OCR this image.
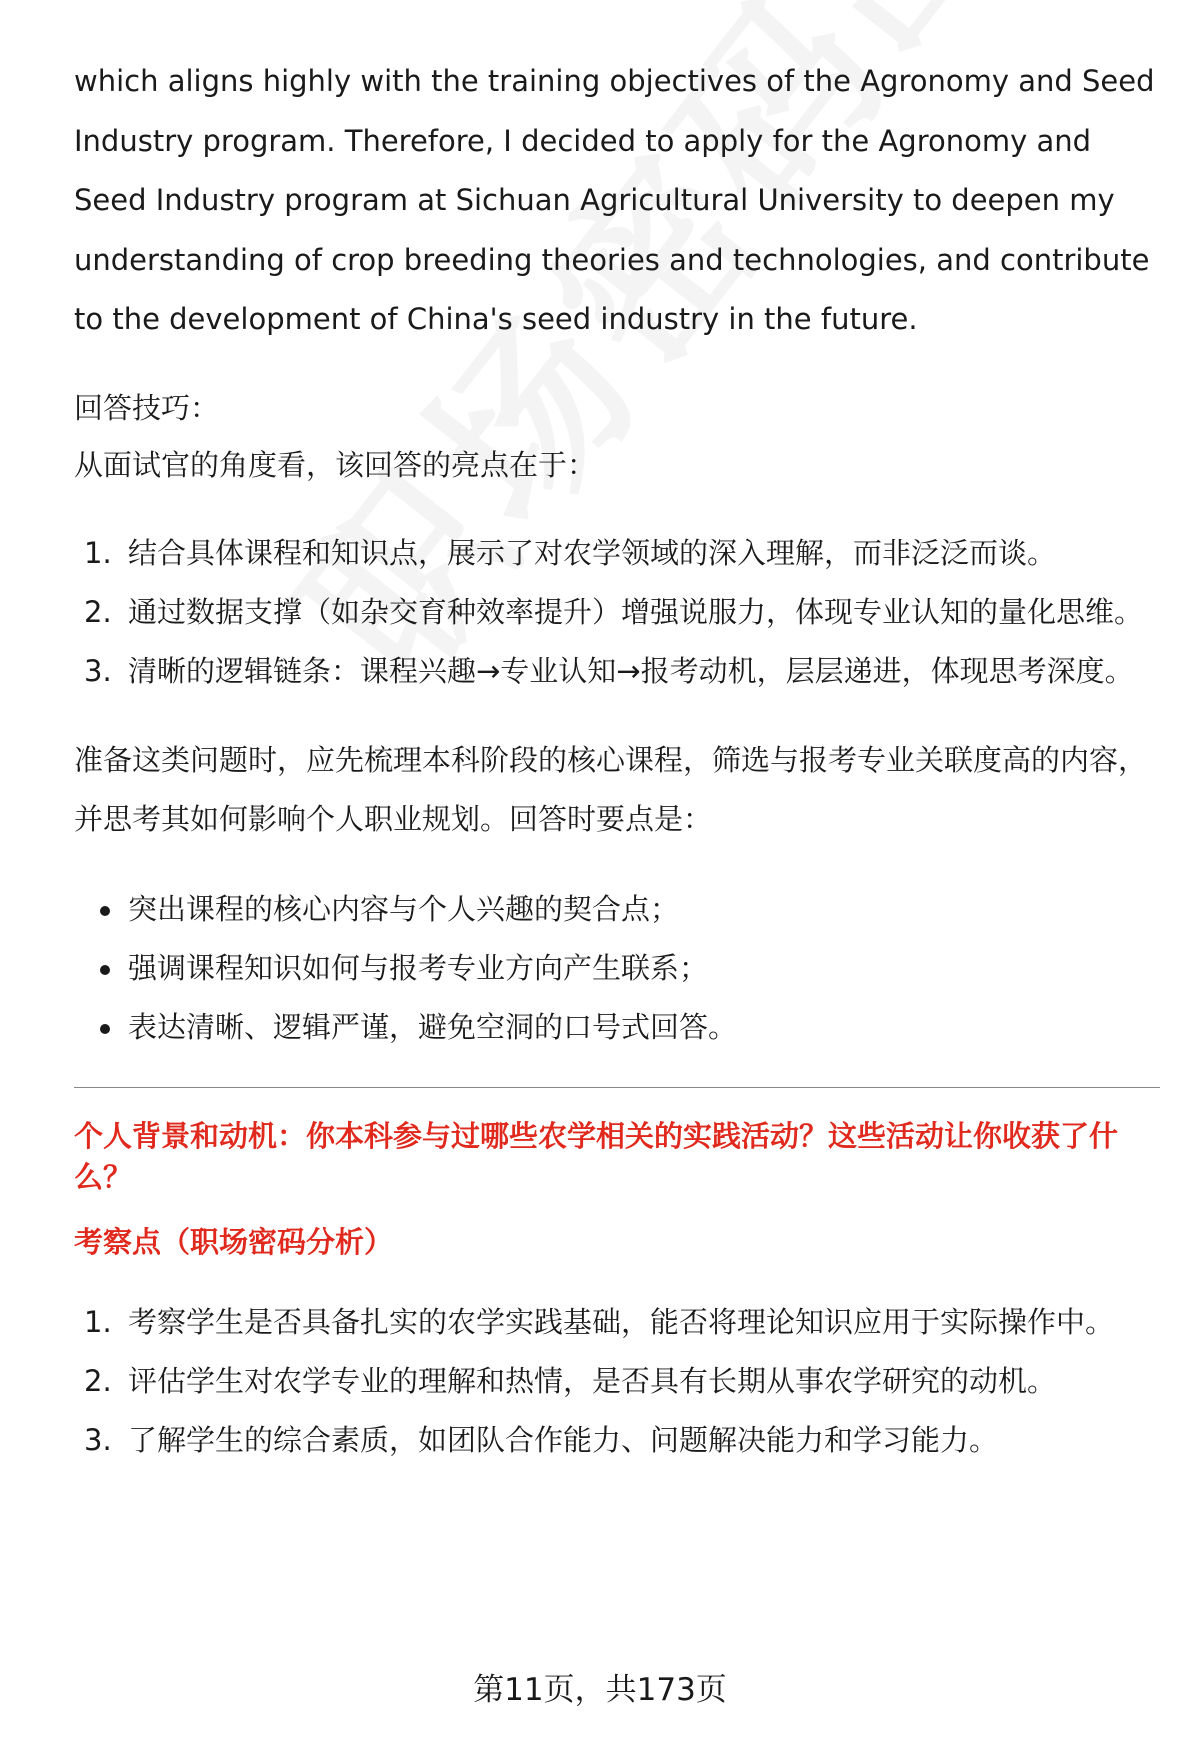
which aligns highly with the training objectives of the Agronomy and Seed Industry program. Therefore, I decided to apply for the Agronomy and Seed Industry program at Sichuan Agricultural University to deepen my understanding of crop breeding theories and technologies, and contribute to the development of China's seed industry in the future.

回答技巧：

从面试官的角度看，该回答的亮点在于：

1. 结合具体课程和知识点，展示了对农学领域的深入理解，而非泛泛而谈。
2. 通过数据支撑（如杂交育种效率提升）增强说服力，体现专业认知的量化思维。
3. 清晰的逻辑链条：课程兴趣→专业认知→报考动机，层层递进，体现思考深度。

准备这类问题时，应先梳理本科阶段的核心课程，筛选与报考专业关联度高的内容，并思考其如何影响个人职业规划。回答时要点是：

突出课程的核心内容与个人兴趣的契合点；
强调课程知识如何与报考专业方向产生联系；
表达清晰、逻辑严谨，避免空洞的口号式回答。

个人背景和动机：你本科参与过哪些农学相关的实践活动？这些活动让你收获了什么？

考察点（职场密码分析）

1. 考察学生是否具备扎实的农学实践基础，能否将理论知识应用于实际操作中。
2. 评估学生对农学专业的理解和热情，是否具有长期从事农学研究的动机。
3. 了解学生的综合素质，如团队合作能力、问题解决能力和学习能力。
第11页，共173页
